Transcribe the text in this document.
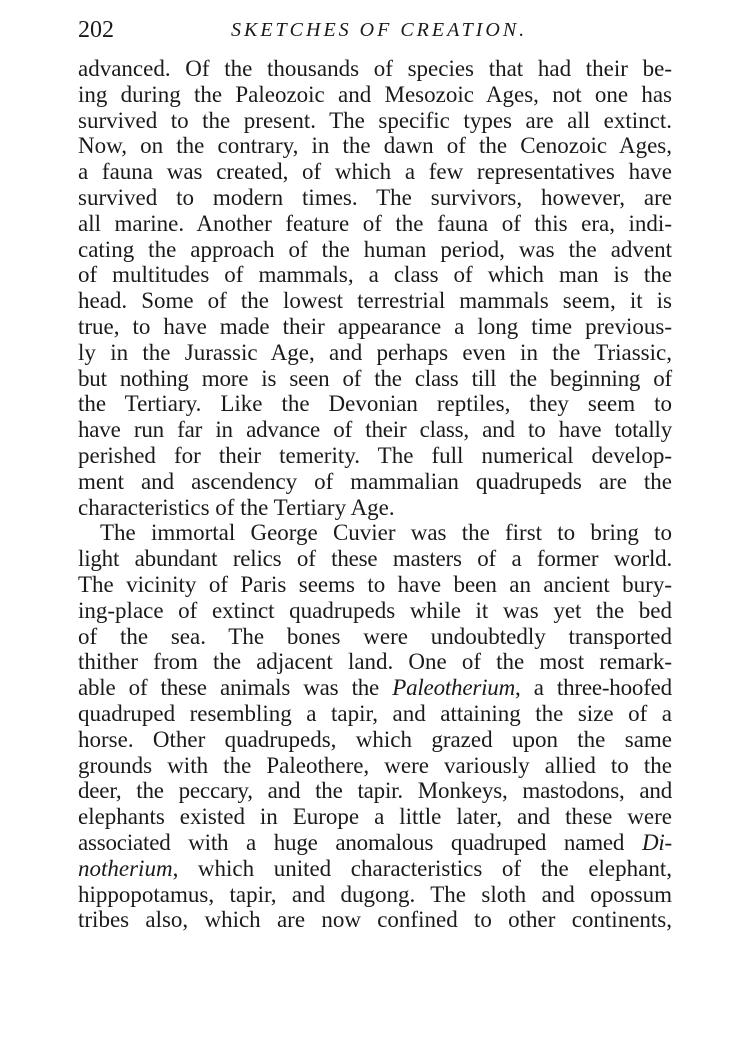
202	SKETCHES OF CREATION.
advanced. Of the thousands of species that had their be-
ing during the Paleozoic and Mesozoic Ages, not one has
survived to the present. The specific types are all extinct.
Now, on the contrary, in the dawn of the Cenozoic Ages,
a fauna was created, of which a few representatives have
survived to modern times. The survivors, however, are
all marine. Another feature of the fauna of this era, indi-
cating the approach of the human period, was the advent
of multitudes of mammals, a class of which man is the
head. Some of the lowest terrestrial mammals seem, it is
true, to have made their appearance a long time previous-
ly in the Jurassic Age, and perhaps even in the Triassic,
but nothing more is seen of the class till the beginning of
the Tertiary. Like the Devonian reptiles, they seem to
have run far in advance of their class, and to have totally
perished for their temerity. The full numerical develop-
ment and ascendency of mammalian quadrupeds are the
characteristics of the Tertiary Age.
The immortal George Cuvier was the first to bring to
light abundant relics of these masters of a former world.
The vicinity of Paris seems to have been an ancient bury-
ing-place of extinct quadrupeds while it was yet the bed
of the sea. The bones were undoubtedly transported
thither from the adjacent land. One of the most remark-
able of these animals was the Paleotherium, a three-hoofed
quadruped resembling a tapir, and attaining the size of a
horse. Other quadrupeds, which grazed upon the same
grounds with the Paleothere, were variously allied to the
deer, the peccary, and the tapir. Monkeys, mastodons, and
elephants existed in Europe a little later, and these were
associated with a huge anomalous quadruped named Di-
notherium, which united characteristics of the elephant,
hippopotamus, tapir, and dugong. The sloth and opossum
tribes also, which are now confined to other continents,
